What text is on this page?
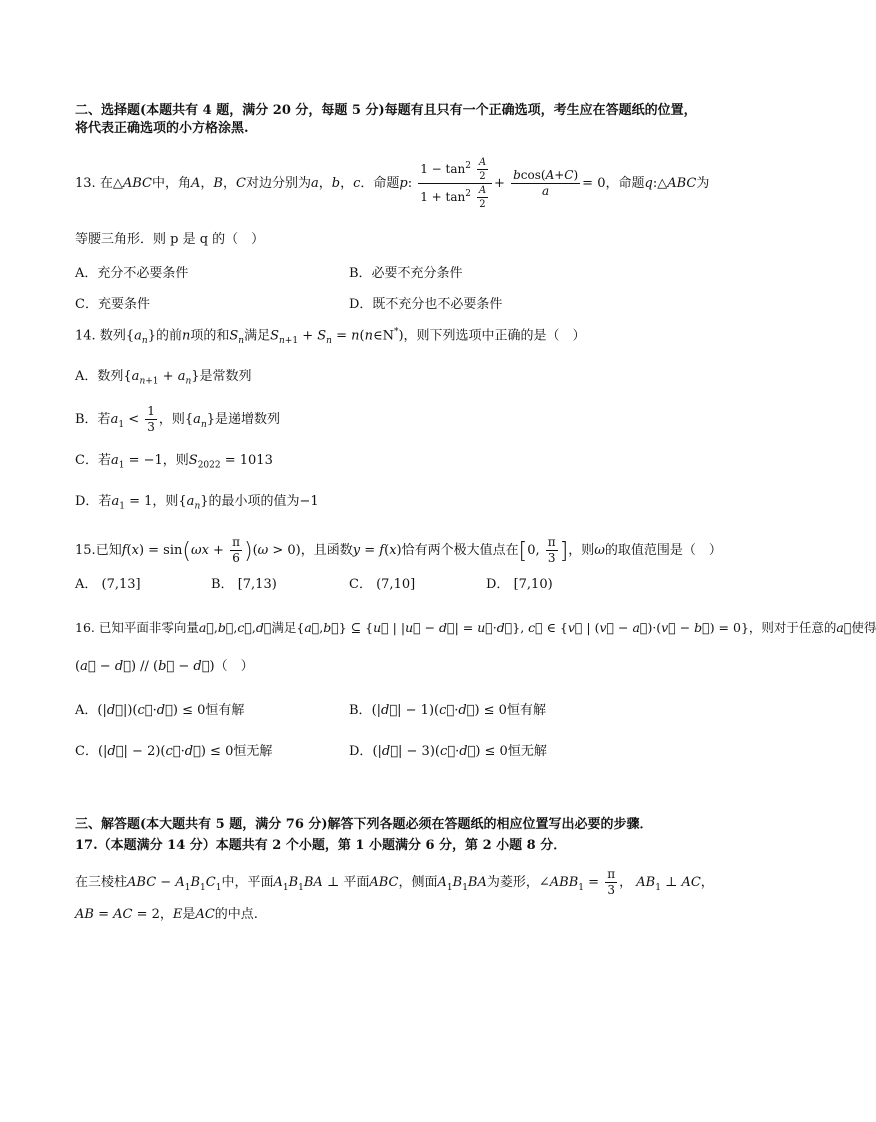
二、选择题(本题共有 4 题，满分 20 分，每题 5 分)每题有且只有一个正确选项，考生应在答题纸的位置，
将代表正确选项的小方格涂黑.
13. 在△ABC中，角A，B，C对边分别为a，b，c．命题p: $\frac{1 - \tan^2 \frac{A}{2}}{1 + \tan^2 \frac{A}{2}} + \frac{bcos(A+C)}{a} = 0$，命题q:△ABC为
等腰三角形．则 p 是 q 的（　）
A．充分不必要条件	B．必要不充分条件
C．充要条件	D．既不充分也不必要条件
14. 数列$\{a_n\}$的前n项的和$S_n$满足$S_{n+1} + S_n$ = n(n∈N*)，则下列选项中正确的是（　）
A．数列$\{a_{n+1} + a_n\}$是常数列
B．若$a_1 < \frac{1}{3}$ ，则$\{a_n\}$是递增数列
C．若$a_1 = -1$，则$S_{2022} = 1013$
D．若$a_1 = 1$，则$\{a_n\}$的最小项的值为−1
15.已知$f(x) = \sin(\omega x + \frac{\pi}{6} )(\omega > 0)$，且函数y = f(x)恰有两个极大值点在[0, $\frac{\pi}{3}$ ]，则ω的取值范围是（　）
A． (7,13]	B． [7,13)	C． (7,10]	D． [7,10)
16. 已知平面非零向量a⃗,b⃗,c⃗,d⃗满足{a⃗,b⃗} ⊆ {u⃗ | |u⃗ − d⃗| = u⃗·d⃗}, c⃗ ∈ {v⃗ | (v⃗ − a⃗)·(v⃗ − b⃗) = 0}，则对于任意的a⃗使得
(a⃗ − d⃗) // (b⃗ − d⃗)（　）
A．(|d⃗|)(c⃗·d⃗) ≤ 0恒有解	B．(|d⃗| − 1)(c⃗·d⃗) ≤ 0恒有解
C．(|d⃗| − 2)(c⃗·d⃗) ≤ 0恒无解	D．(|d⃗| − 3)(c⃗·d⃗) ≤ 0恒无解
三、解答题(本大题共有 5 题，满分 76 分)解答下列各题必须在答题纸的相应位置写出必要的步骤．
17.（本题满分 14 分）本题共有 2 个小题，第 1 小题满分 6 分，第 2 小题 8 分．
在三棱柱ABC − $A_1B_1C_1$中，平面$A_1B_1BA$ ⊥ 平面ABC，侧面$A_1B_1BA$为菱形，$\angle ABB_1 = \frac{\pi}{3}$ ， $AB_1$ ⊥ AC，
AB = AC = 2，E是AC的中点.
